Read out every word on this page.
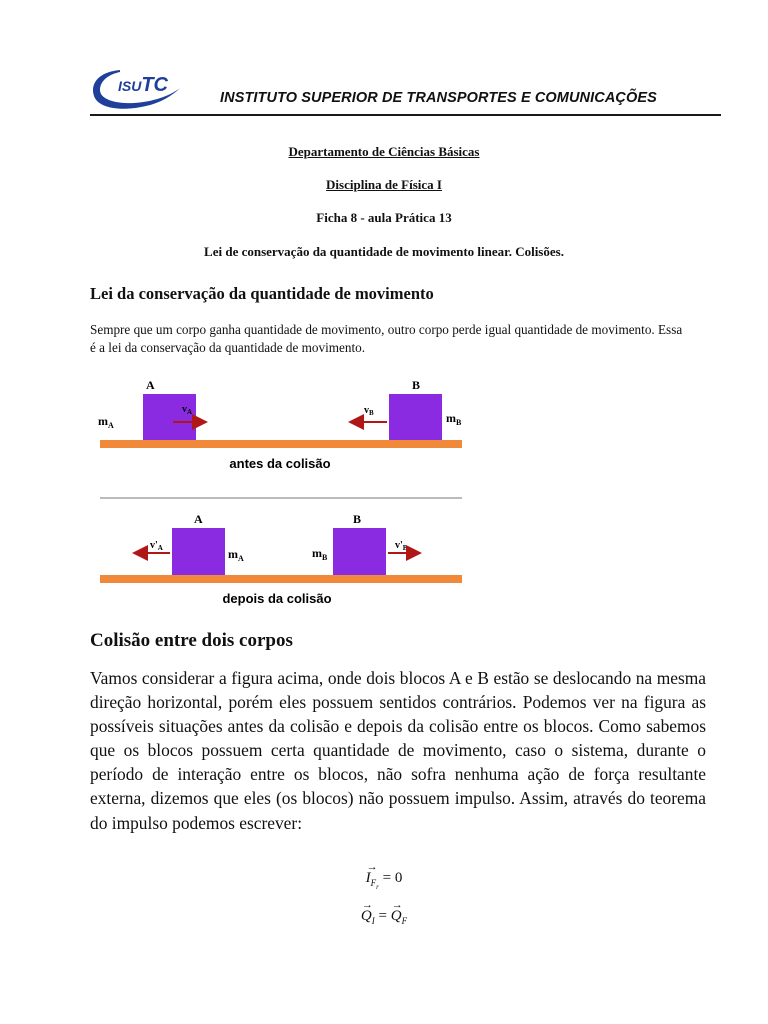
ISUTC
INSTITUTO SUPERIOR DE TRANSPORTES E COMUNICAÇÕES
Departamento de Ciências Básicas
Disciplina de Física I
Ficha 8 - aula Prática 13
Lei de conservação da quantidade de movimento linear. Colisões.
Lei da conservação da quantidade de movimento

Sempre que um corpo ganha quantidade de movimento, outro corpo perde igual quantidade de movimento. Essa é a lei da conservação da quantidade de movimento.

A	B
$m_A$
$m_B$
$v_A$	$v_B$
antes da colisão
A	B
$m_A$	$m_B$
$v'_A$	$v'_B$
depois da colisão
Colisão entre dois corpos

Vamos considerar a figura acima, onde dois blocos A e B estão se deslocando na mesma direção horizontal, porém eles possuem sentidos contrários. Podemos ver na figura as possíveis situações antes da colisão e depois da colisão entre os blocos. Como sabemos que os blocos possuem certa quantidade de movimento, caso o sistema, durante o período de interação entre os blocos, não sofra nenhuma ação de força resultante externa, dizemos que eles (os blocos) não possuem impulso. Assim, através do teorema do impulso podemos escrever:

→
$I_{F_r} = 0$
→
$Q_I$ =
→
$Q_F$
